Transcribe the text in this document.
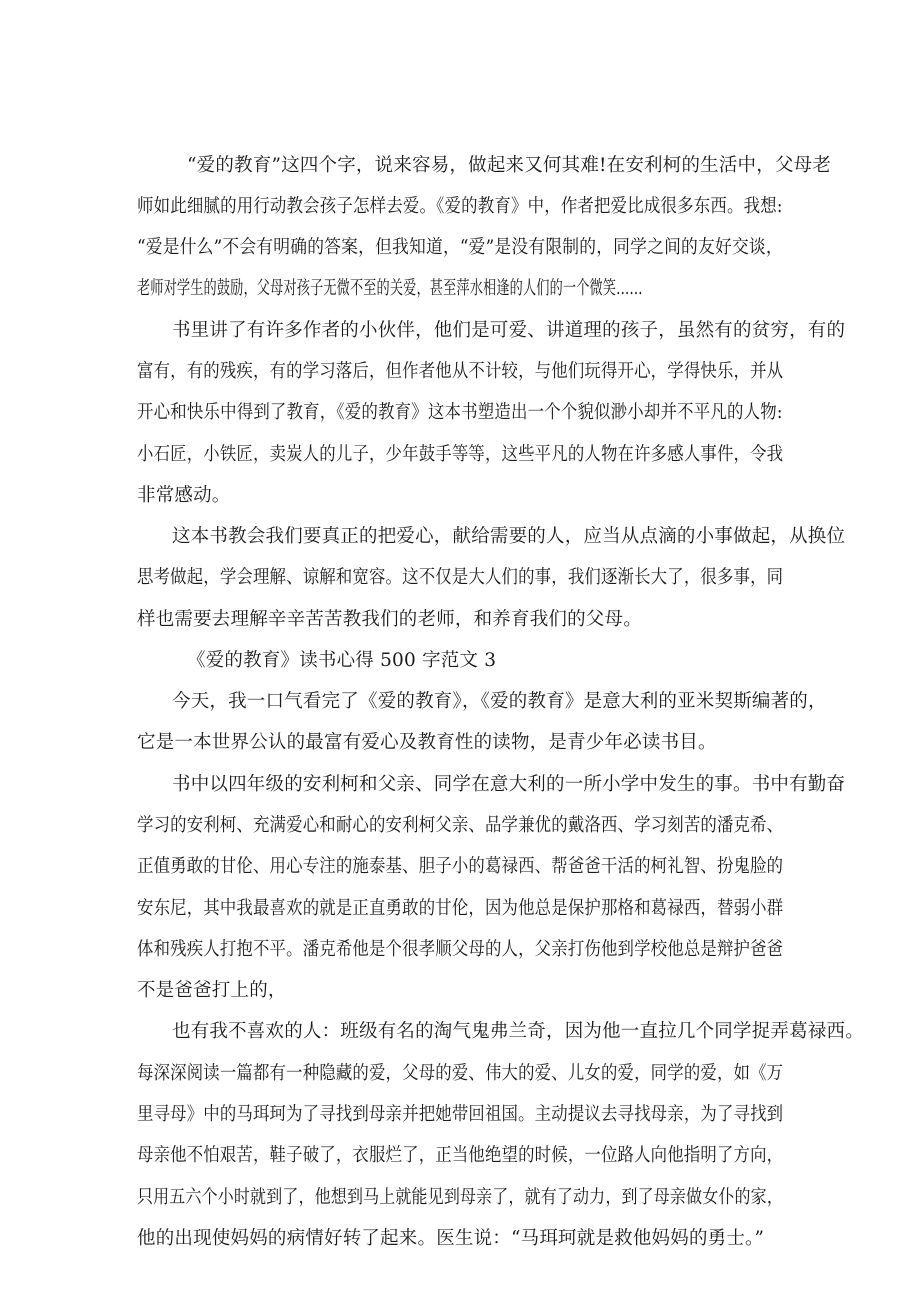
“爱的教育”这四个字，说来容易，做起来又何其难!在安利柯的生活中，父母老
师如此细腻的用行动教会孩子怎样去爱。《爱的教育》中，作者把爱比成很多东西。我想:
“爱是什么”不会有明确的答案，但我知道，“爱”是没有限制的，同学之间的友好交谈，
老师对学生的鼓励，父母对孩子无微不至的关爱，甚至萍水相逢的人们的一个微笑……
书里讲了有许多作者的小伙伴，他们是可爱、讲道理的孩子，虽然有的贫穷，有的
富有，有的残疾，有的学习落后，但作者他从不计较，与他们玩得开心，学得快乐，并从
开心和快乐中得到了教育，《爱的教育》这本书塑造出一个个貌似渺小却并不平凡的人物:
小石匠，小铁匠，卖炭人的儿子，少年鼓手等等，这些平凡的人物在许多感人事件，令我
非常感动。
这本书教会我们要真正的把爱心，献给需要的人，应当从点滴的小事做起，从换位
思考做起，学会理解、谅解和宽容。这不仅是大人们的事，我们逐渐长大了，很多事，同
样也需要去理解辛辛苦苦教我们的老师，和养育我们的父母。
《爱的教育》读书心得 500 字范文 3
今天，我一口气看完了《爱的教育》，《爱的教育》是意大利的亚米契斯编著的，
它是一本世界公认的最富有爱心及教育性的读物，是青少年必读书目。
书中以四年级的安利柯和父亲、同学在意大利的一所小学中发生的事。书中有勤奋
学习的安利柯、充满爱心和耐心的安利柯父亲、品学兼优的戴洛西、学习刻苦的潘克希、
正值勇敢的甘伦、用心专注的施泰基、胆子小的葛禄西、帮爸爸干活的柯礼智、扮鬼脸的
安东尼，其中我最喜欢的就是正直勇敢的甘伦，因为他总是保护那格和葛禄西，替弱小群
体和残疾人打抱不平。潘克希他是个很孝顺父母的人，父亲打伤他到学校他总是辩护爸爸
不是爸爸打上的，
也有我不喜欢的人：班级有名的淘气鬼弗兰奇，因为他一直拉几个同学捉弄葛禄西。
每深深阅读一篇都有一种隐藏的爱，父母的爱、伟大的爱、儿女的爱，同学的爱，如《万
里寻母》中的马珥珂为了寻找到母亲并把她带回祖国。主动提议去寻找母亲，为了寻找到
母亲他不怕艰苦，鞋子破了，衣服烂了，正当他绝望的时候，一位路人向他指明了方向，
只用五六个小时就到了，他想到马上就能见到母亲了，就有了动力，到了母亲做女仆的家，
他的出现使妈妈的病情好转了起来。医生说：“马珥珂就是救他妈妈的勇士。”
